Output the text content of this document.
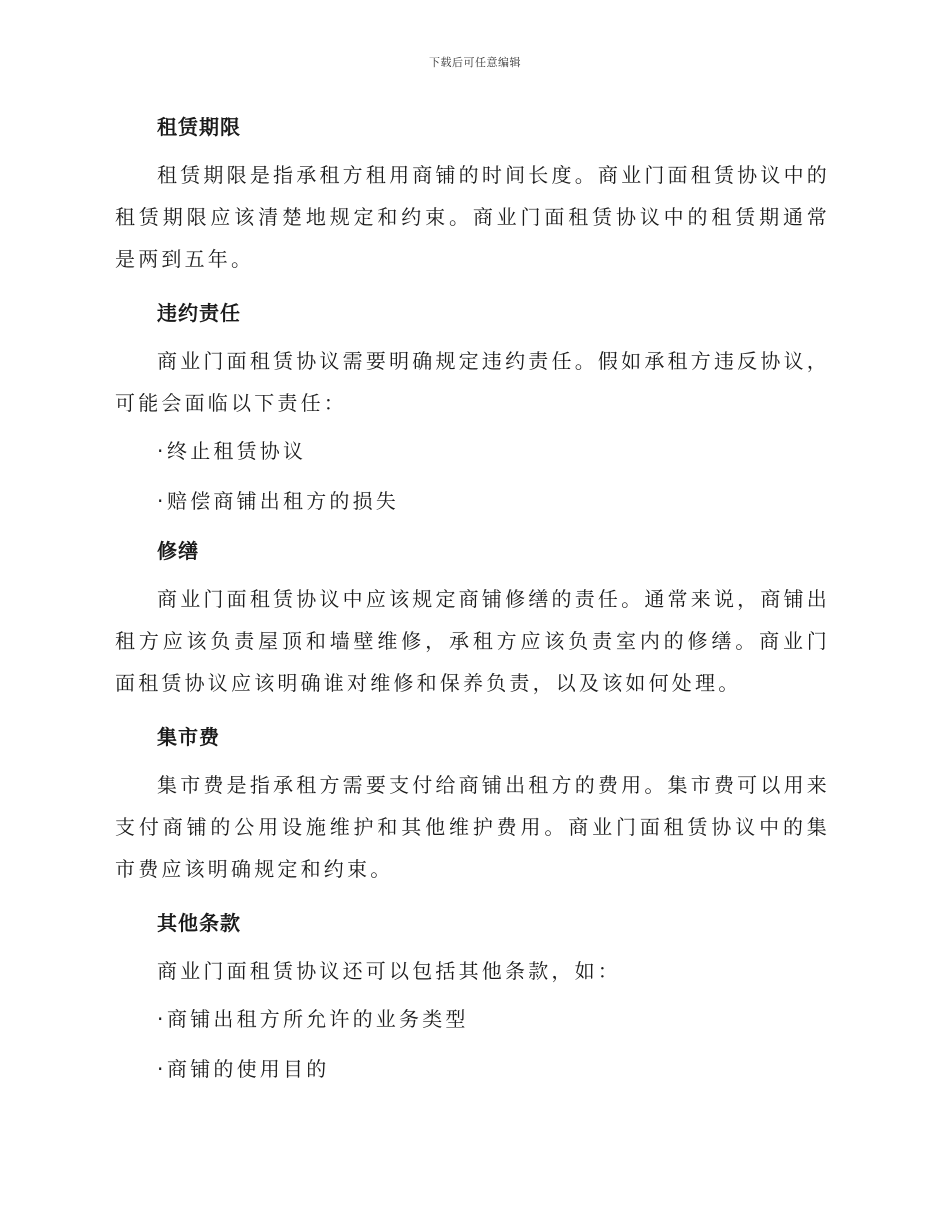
下载后可任意编辑
租赁期限

租赁期限是指承租方租用商铺的时间长度。商业门面租赁协议中的租赁期限应该清楚地规定和约束。商业门面租赁协议中的租赁期通常是两到五年。

违约责任

商业门面租赁协议需要明确规定违约责任。假如承租方违反协议，可能会面临以下责任：

·终止租赁协议
·赔偿商铺出租方的损失
修缮

商业门面租赁协议中应该规定商铺修缮的责任。通常来说，商铺出租方应该负责屋顶和墙壁维修，承租方应该负责室内的修缮。商业门面租赁协议应该明确谁对维修和保养负责，以及该如何处理。

集市费

集市费是指承租方需要支付给商铺出租方的费用。集市费可以用来支付商铺的公用设施维护和其他维护费用。商业门面租赁协议中的集市费应该明确规定和约束。

其他条款

商业门面租赁协议还可以包括其他条款，如：

·商铺出租方所允许的业务类型
·商铺的使用目的
